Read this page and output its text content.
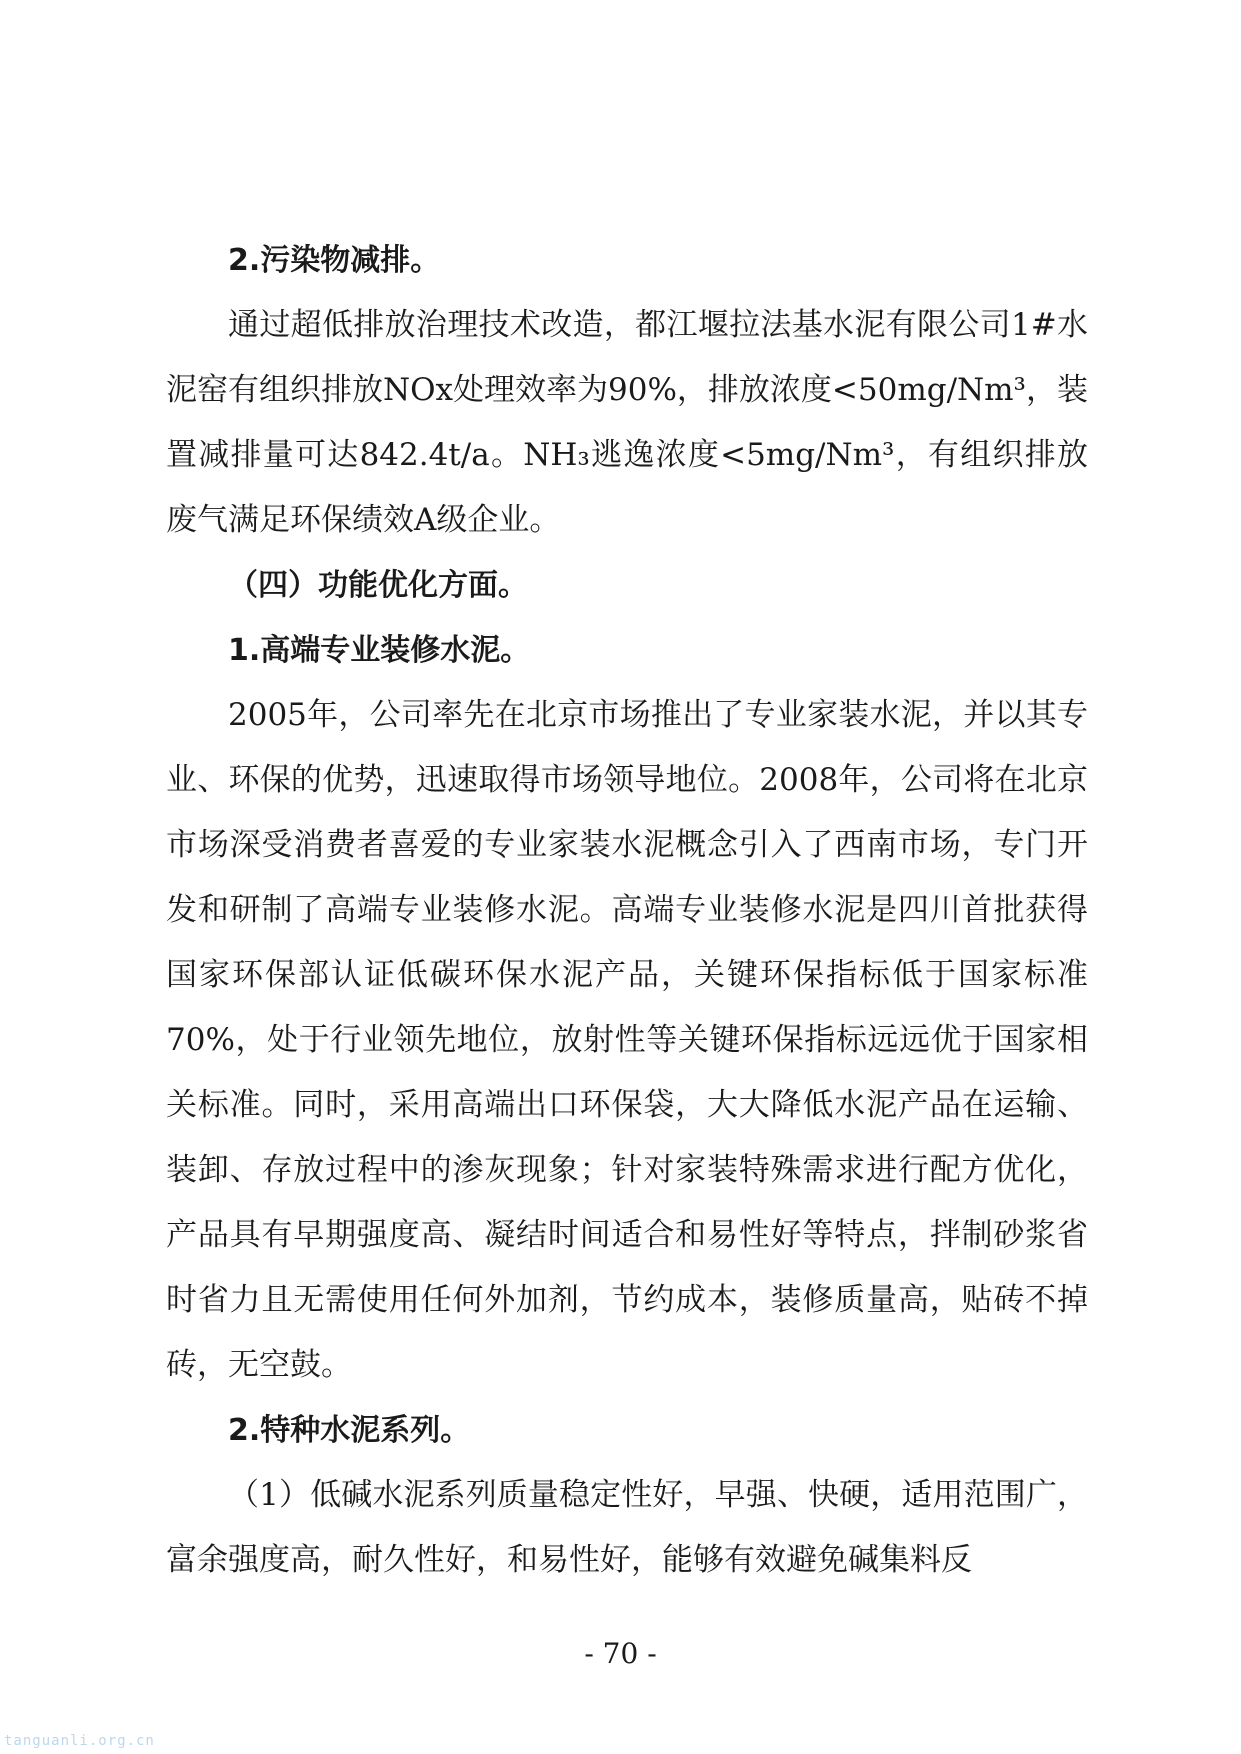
2.污染物减排。

通过超低排放治理技术改造，都江堰拉法基水泥有限公司1#水泥窑有组织排放NOx处理效率为90%，排放浓度<50mg/Nm³，装置减排量可达842.4t/a。NH₃逃逸浓度<5mg/Nm³，有组织排放废气满足环保绩效A级企业。

（四）功能优化方面。

1.高端专业装修水泥。

2005年，公司率先在北京市场推出了专业家装水泥，并以其专业、环保的优势，迅速取得市场领导地位。2008年，公司将在北京市场深受消费者喜爱的专业家装水泥概念引入了西南市场，专门开发和研制了高端专业装修水泥。高端专业装修水泥是四川首批获得国家环保部认证低碳环保水泥产品，关键环保指标低于国家标准70%，处于行业领先地位，放射性等关键环保指标远远优于国家相关标准。同时，采用高端出口环保袋，大大降低水泥产品在运输、装卸、存放过程中的渗灰现象；针对家装特殊需求进行配方优化，产品具有早期强度高、凝结时间适合和易性好等特点，拌制砂浆省时省力且无需使用任何外加剂，节约成本，装修质量高，贴砖不掉砖，无空鼓。

2.特种水泥系列。

（1）低碱水泥系列质量稳定性好，早强、快硬，适用范围广，富余强度高，耐久性好，和易性好，能够有效避免碱集料反

- 70 -
tanguanli.org.cn
